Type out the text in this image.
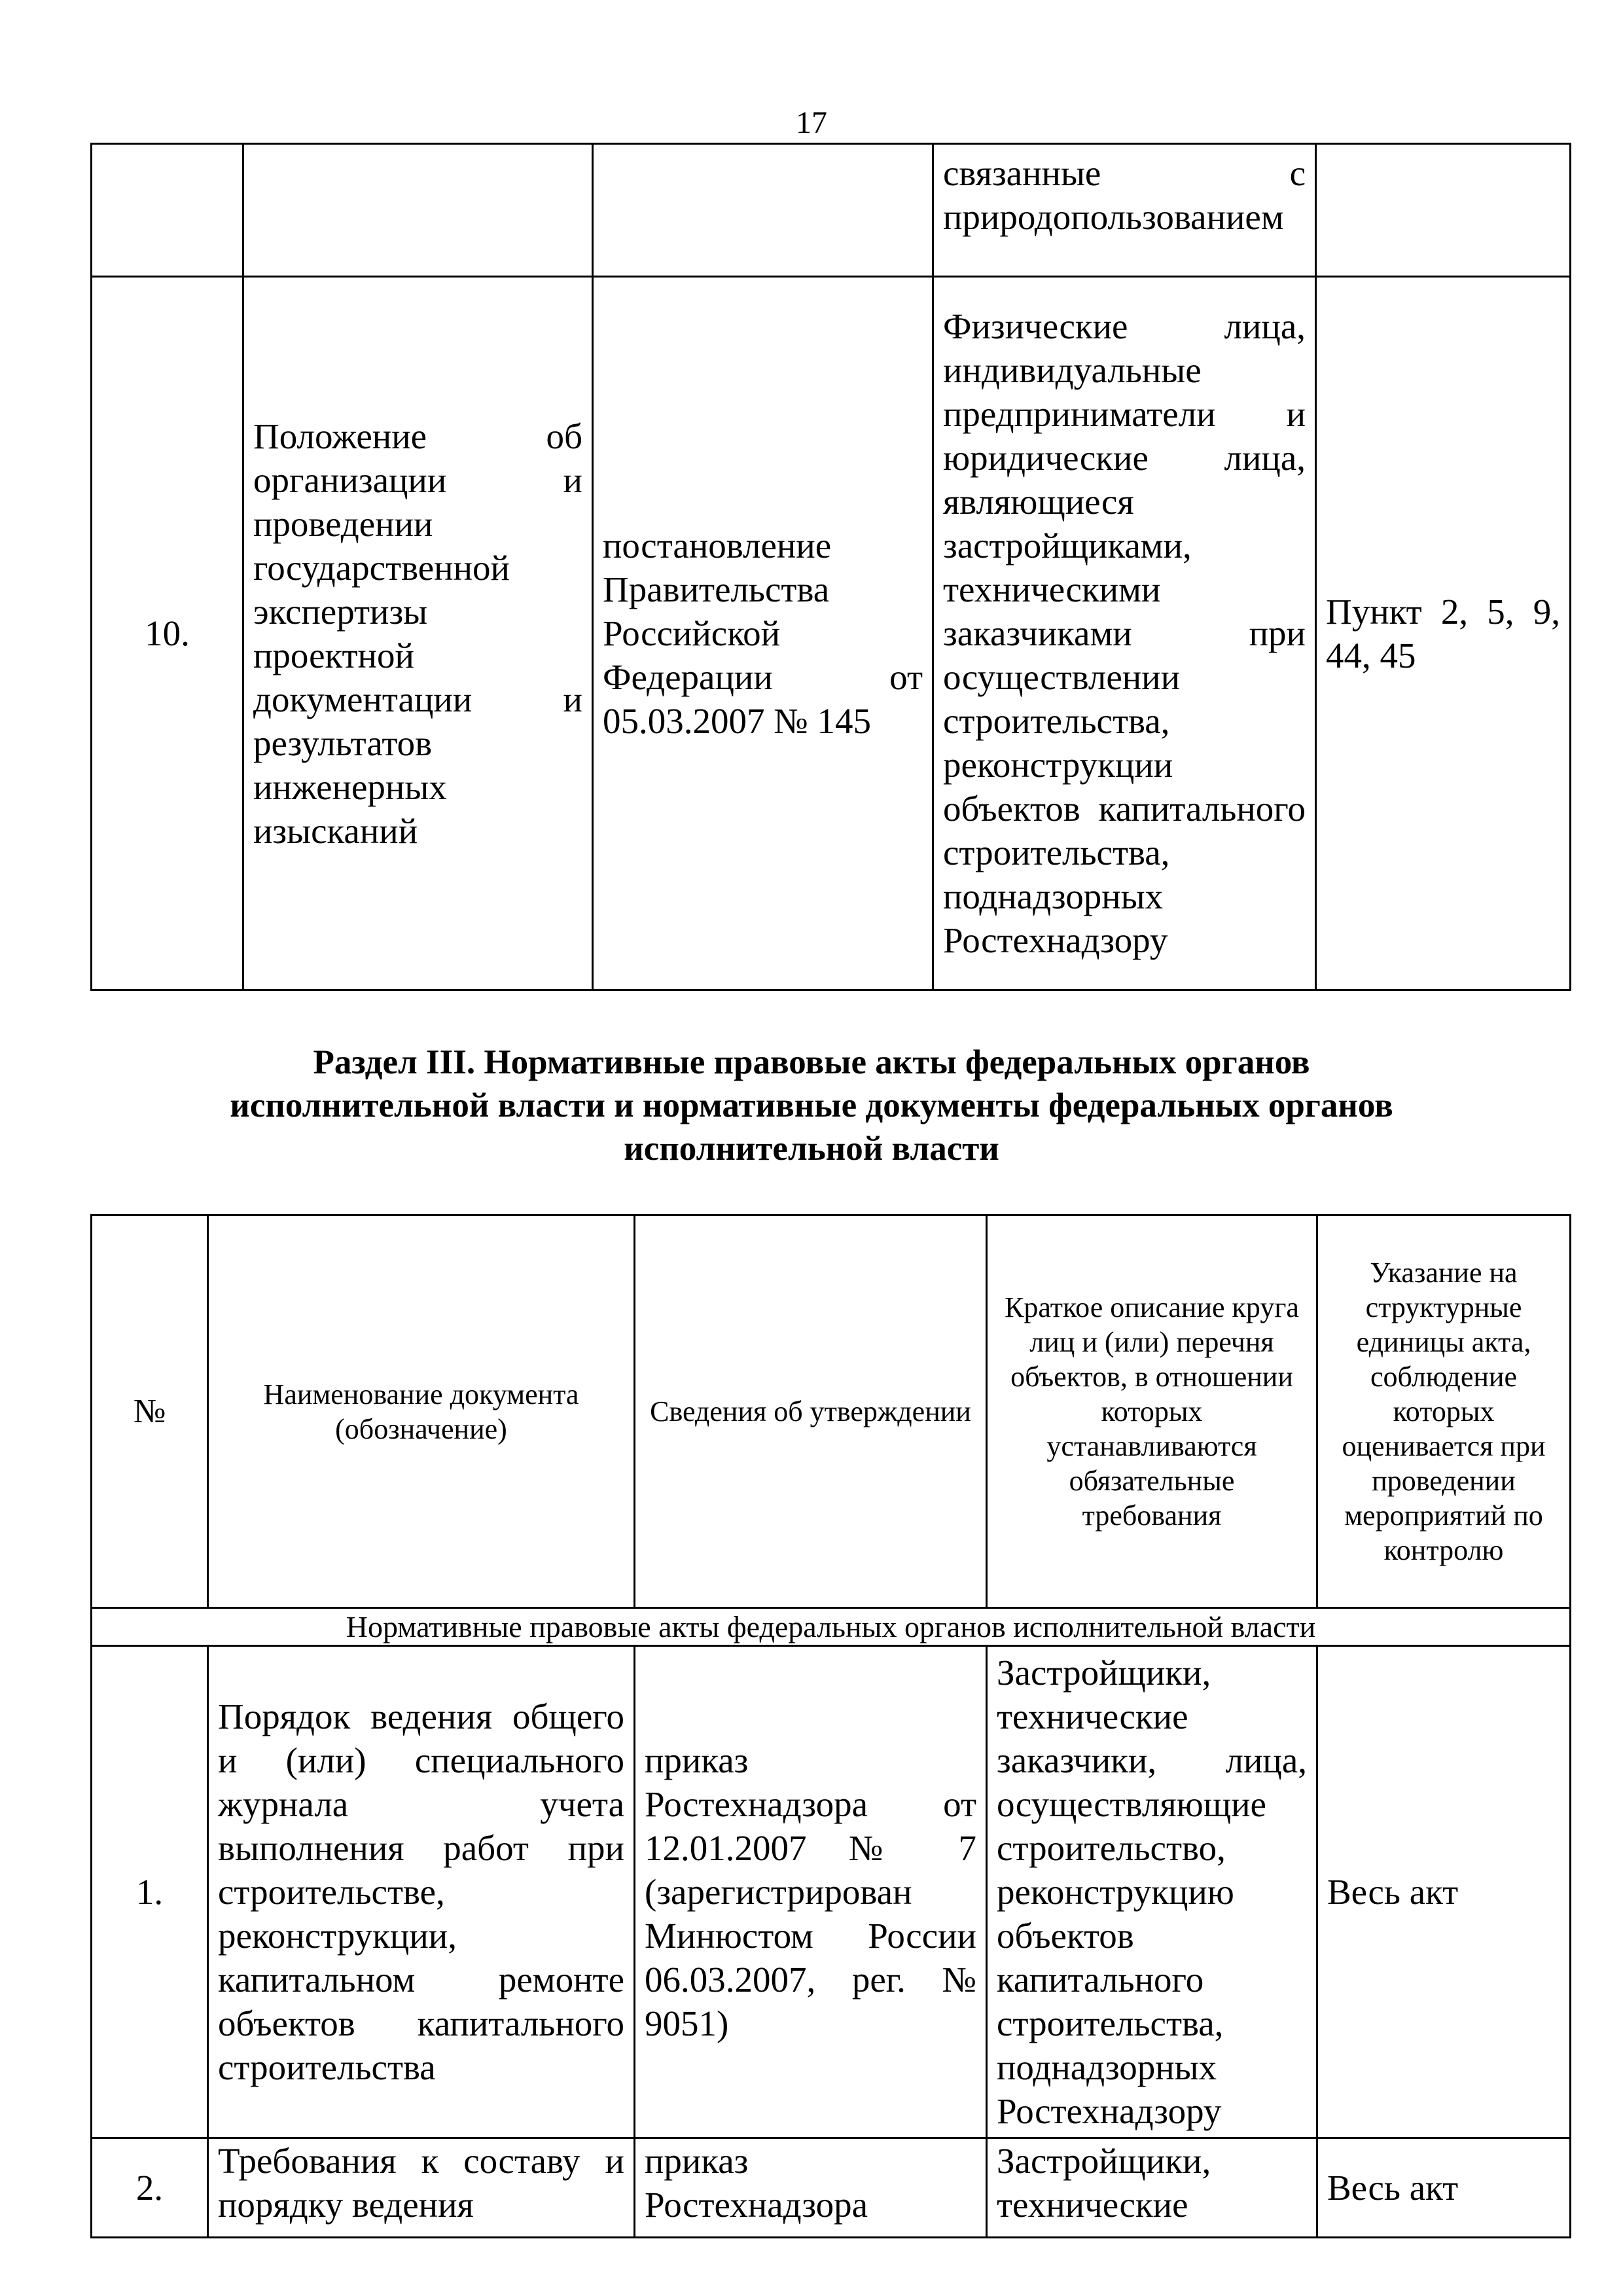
17
			связанные с природопользованием	
10.	Положение об организации и проведении государственной экспертизы проектной документации и результатов инженерных изысканий	постановление Правительства Российской Федерации от 05.03.2007 № 145	Физические лица, индивидуальные предприниматели и юридические лица, являющиеся застройщиками, техническими заказчиками при осуществлении строительства, реконструкции объектов капитального строительства, поднадзорных Ростехнадзору	Пункт 2, 5, 9, 44, 45
Раздел III. Нормативные правовые акты федеральных органов
исполнительной власти и нормативные документы федеральных органов
исполнительной власти
№	Наименование документа (обозначение)	Сведения об утверждении	Краткое описание круга лиц и (или) перечня объектов, в отношении которых устанавливаются обязательные требования	Указание на структурные единицы акта, соблюдение которых оценивается при проведении мероприятий по контролю
Нормативные правовые акты федеральных органов исполнительной власти				
1.	Порядок ведения общего и (или) специального журнала учета выполнения работ при строительстве, реконструкции, капитальном ремонте объектов капитального строительства	приказ Ростехнадзора от 12.01.2007 № 7 (зарегистрирован Минюстом России 06.03.2007, рег. № 9051)	Застройщики, технические заказчики, лица, осуществляющие строительство, реконструкцию объектов капитального строительства, поднадзорных Ростехнадзору	Весь акт
2.	Требования к составу и порядку ведения	приказ Ростехнадзора	Застройщики, технические	Весь акт
